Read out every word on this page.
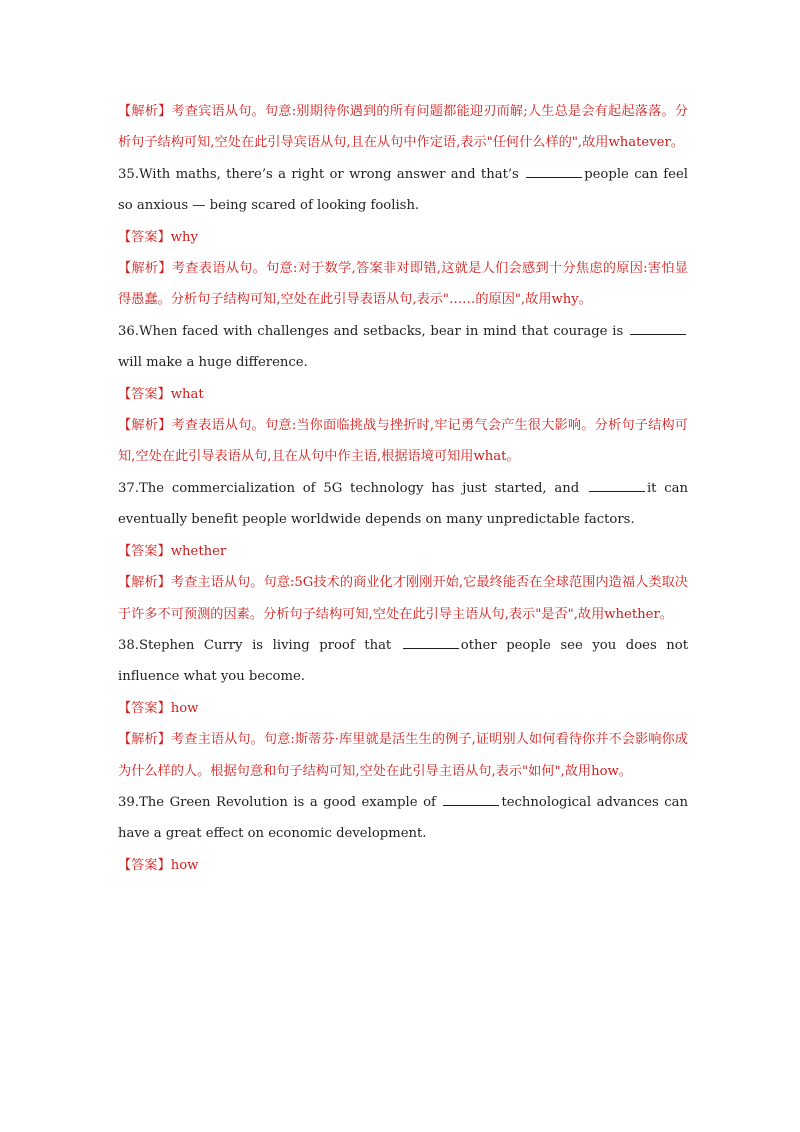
【解析】考查宾语从句。句意:别期待你遇到的所有问题都能迎刃而解;人生总是会有起起落落。分析句子结构可知,空处在此引导宾语从句,且在从句中作定语,表示"任何什么样的",故用whatever。

35.With maths, there’s a right or wrong answer and that’s	people can feel so anxious — being scared of looking foolish.

【答案】why

【解析】考查表语从句。句意:对于数学,答案非对即错,这就是人们会感到十分焦虑的原因:害怕显得愚蠢。分析句子结构可知,空处在此引导表语从句,表示"……的原因",故用why。

36.When faced with challenges and setbacks, bear in mind that courage is will make a huge difference.

【答案】what

【解析】考查表语从句。句意:当你面临挑战与挫折时,牢记勇气会产生很大影响。分析句子结构可知,空处在此引导表语从句,且在从句中作主语,根据语境可知用what。

37.The commercialization of 5G technology has just started, and	it can eventually benefit people worldwide depends on many unpredictable factors.

【答案】whether

【解析】考查主语从句。句意:5G技术的商业化才刚刚开始,它最终能否在全球范围内造福人类取决于许多不可预测的因素。分析句子结构可知,空处在此引导主语从句,表示"是否",故用whether。

38.Stephen Curry is living proof that	other people see you does not influence what you become.

【答案】how

【解析】考查主语从句。句意:斯蒂芬·库里就是活生生的例子,证明别人如何看待你并不会影响你成为什么样的人。根据句意和句子结构可知,空处在此引导主语从句,表示"如何",故用how。

39.The Green Revolution is a good example of	technological advances can have a great effect on economic development.

【答案】how
